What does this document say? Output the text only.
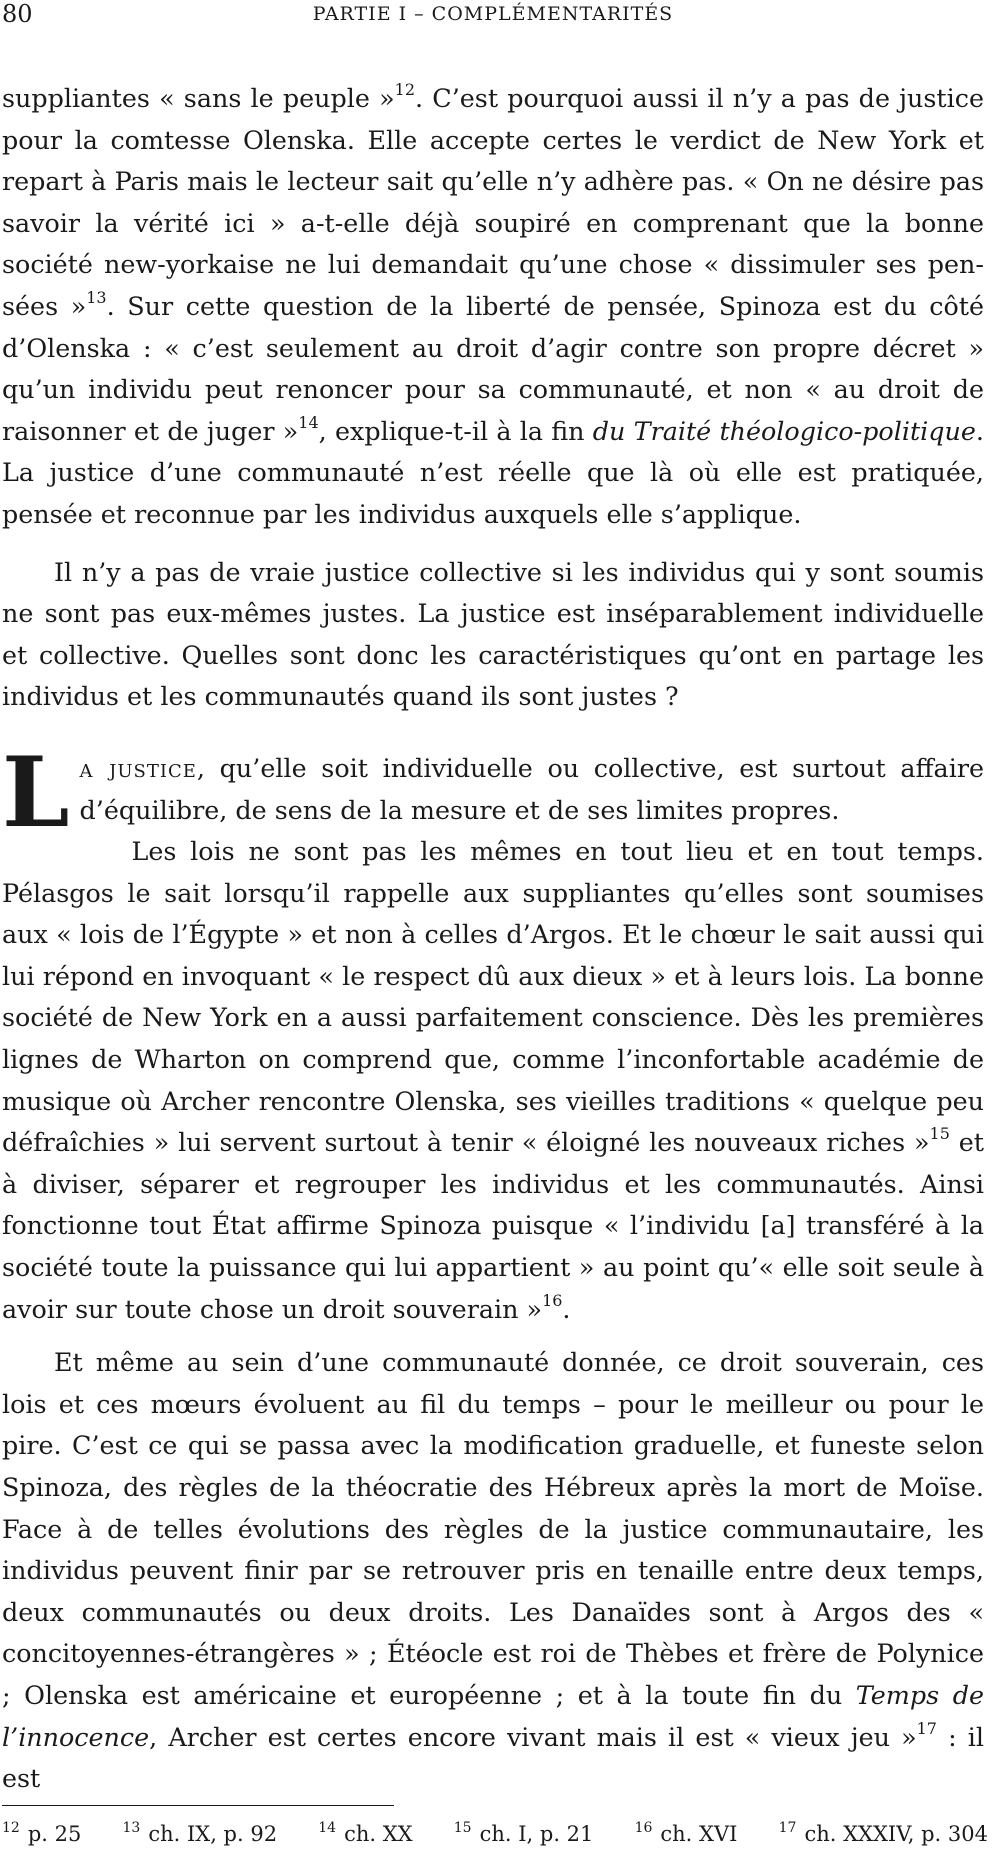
80	PARTIE I – COMPLÉMENTARITÉS

suppliantes « sans le peuple »$^{12}$. C’est pourquoi aussi il n’y a pas de justice pour la comtesse Olenska. Elle accepte certes le verdict de New York et repart à Paris mais le lecteur sait qu’elle n’y adhère pas. « On ne désire pas savoir la vérité ici » a-t-elle déjà soupiré en comprenant que la bonne société new-yorkaise ne lui demandait qu’une chose « dissimuler ses pensées »$^{13}$. Sur cette question de la liberté de pensée, Spinoza est du côté d’Olenska : « c’est seulement au droit d’agir contre son propre décret » qu’un individu peut renoncer pour sa communauté, et non « au droit de raisonner et de juger »$^{14}$, explique-t-il à la fin du Traité théologico-politique. La justice d’une communauté n’est réelle que là où elle est pratiquée, pensée et reconnue par les individus auxquels elle s’applique.

Il n’y a pas de vraie justice collective si les individus qui y sont soumis ne sont pas eux-mêmes justes. La justice est inséparablement individuelle et collective. Quelles sont donc les caractéristiques qu’ont en partage les individus et les communautés quand ils sont justes ?

La justice, qu’elle soit individuelle ou collective, est surtout affaire d’équilibre, de sens de la mesure et de ses limites propres.

Les lois ne sont pas les mêmes en tout lieu et en tout temps. Pélasgos le sait lorsqu’il rappelle aux suppliantes qu’elles sont soumises aux « lois de l’Égypte » et non à celles d’Argos. Et le chœur le sait aussi qui lui répond en invoquant « le respect dû aux dieux » et à leurs lois. La bonne société de New York en a aussi parfaitement conscience. Dès les premières lignes de Wharton on comprend que, comme l’inconfortable académie de musique où Archer rencontre Olenska, ses vieilles traditions « quelque peu défraîchies » lui servent surtout à tenir « éloigné les nouveaux riches »$^{15}$ et à diviser, séparer et regrouper les individus et les communautés. Ainsi fonctionne tout État affirme Spinoza puisque « l’individu [a] transféré à la société toute la puissance qui lui appartient » au point qu’« elle soit seule à avoir sur toute chose un droit souverain »$^{16}$.

Et même au sein d’une communauté donnée, ce droit souverain, ces lois et ces mœurs évoluent au fil du temps – pour le meilleur ou pour le pire. C’est ce qui se passa avec la modification graduelle, et funeste selon Spinoza, des règles de la théocratie des Hébreux après la mort de Moïse. Face à de telles évolutions des règles de la justice communautaire, les individus peuvent finir par se retrouver pris en tenaille entre deux temps, deux communautés ou deux droits. Les Danaïdes sont à Argos des « concitoyennes-étrangères » ; Étéocle est roi de Thèbes et frère de Polynice ; Olenska est américaine et européenne ; et à la toute fin du Temps de l’innocence, Archer est certes encore vivant mais il est « vieux jeu »$^{17}$ : il est

$^{12}$ p. 25	$^{13}$ ch. IX, p. 92	$^{14}$ ch. XX	$^{15}$ ch. I, p. 21	$^{16}$ ch. XVI	$^{17}$ ch. XXXIV, p. 304
